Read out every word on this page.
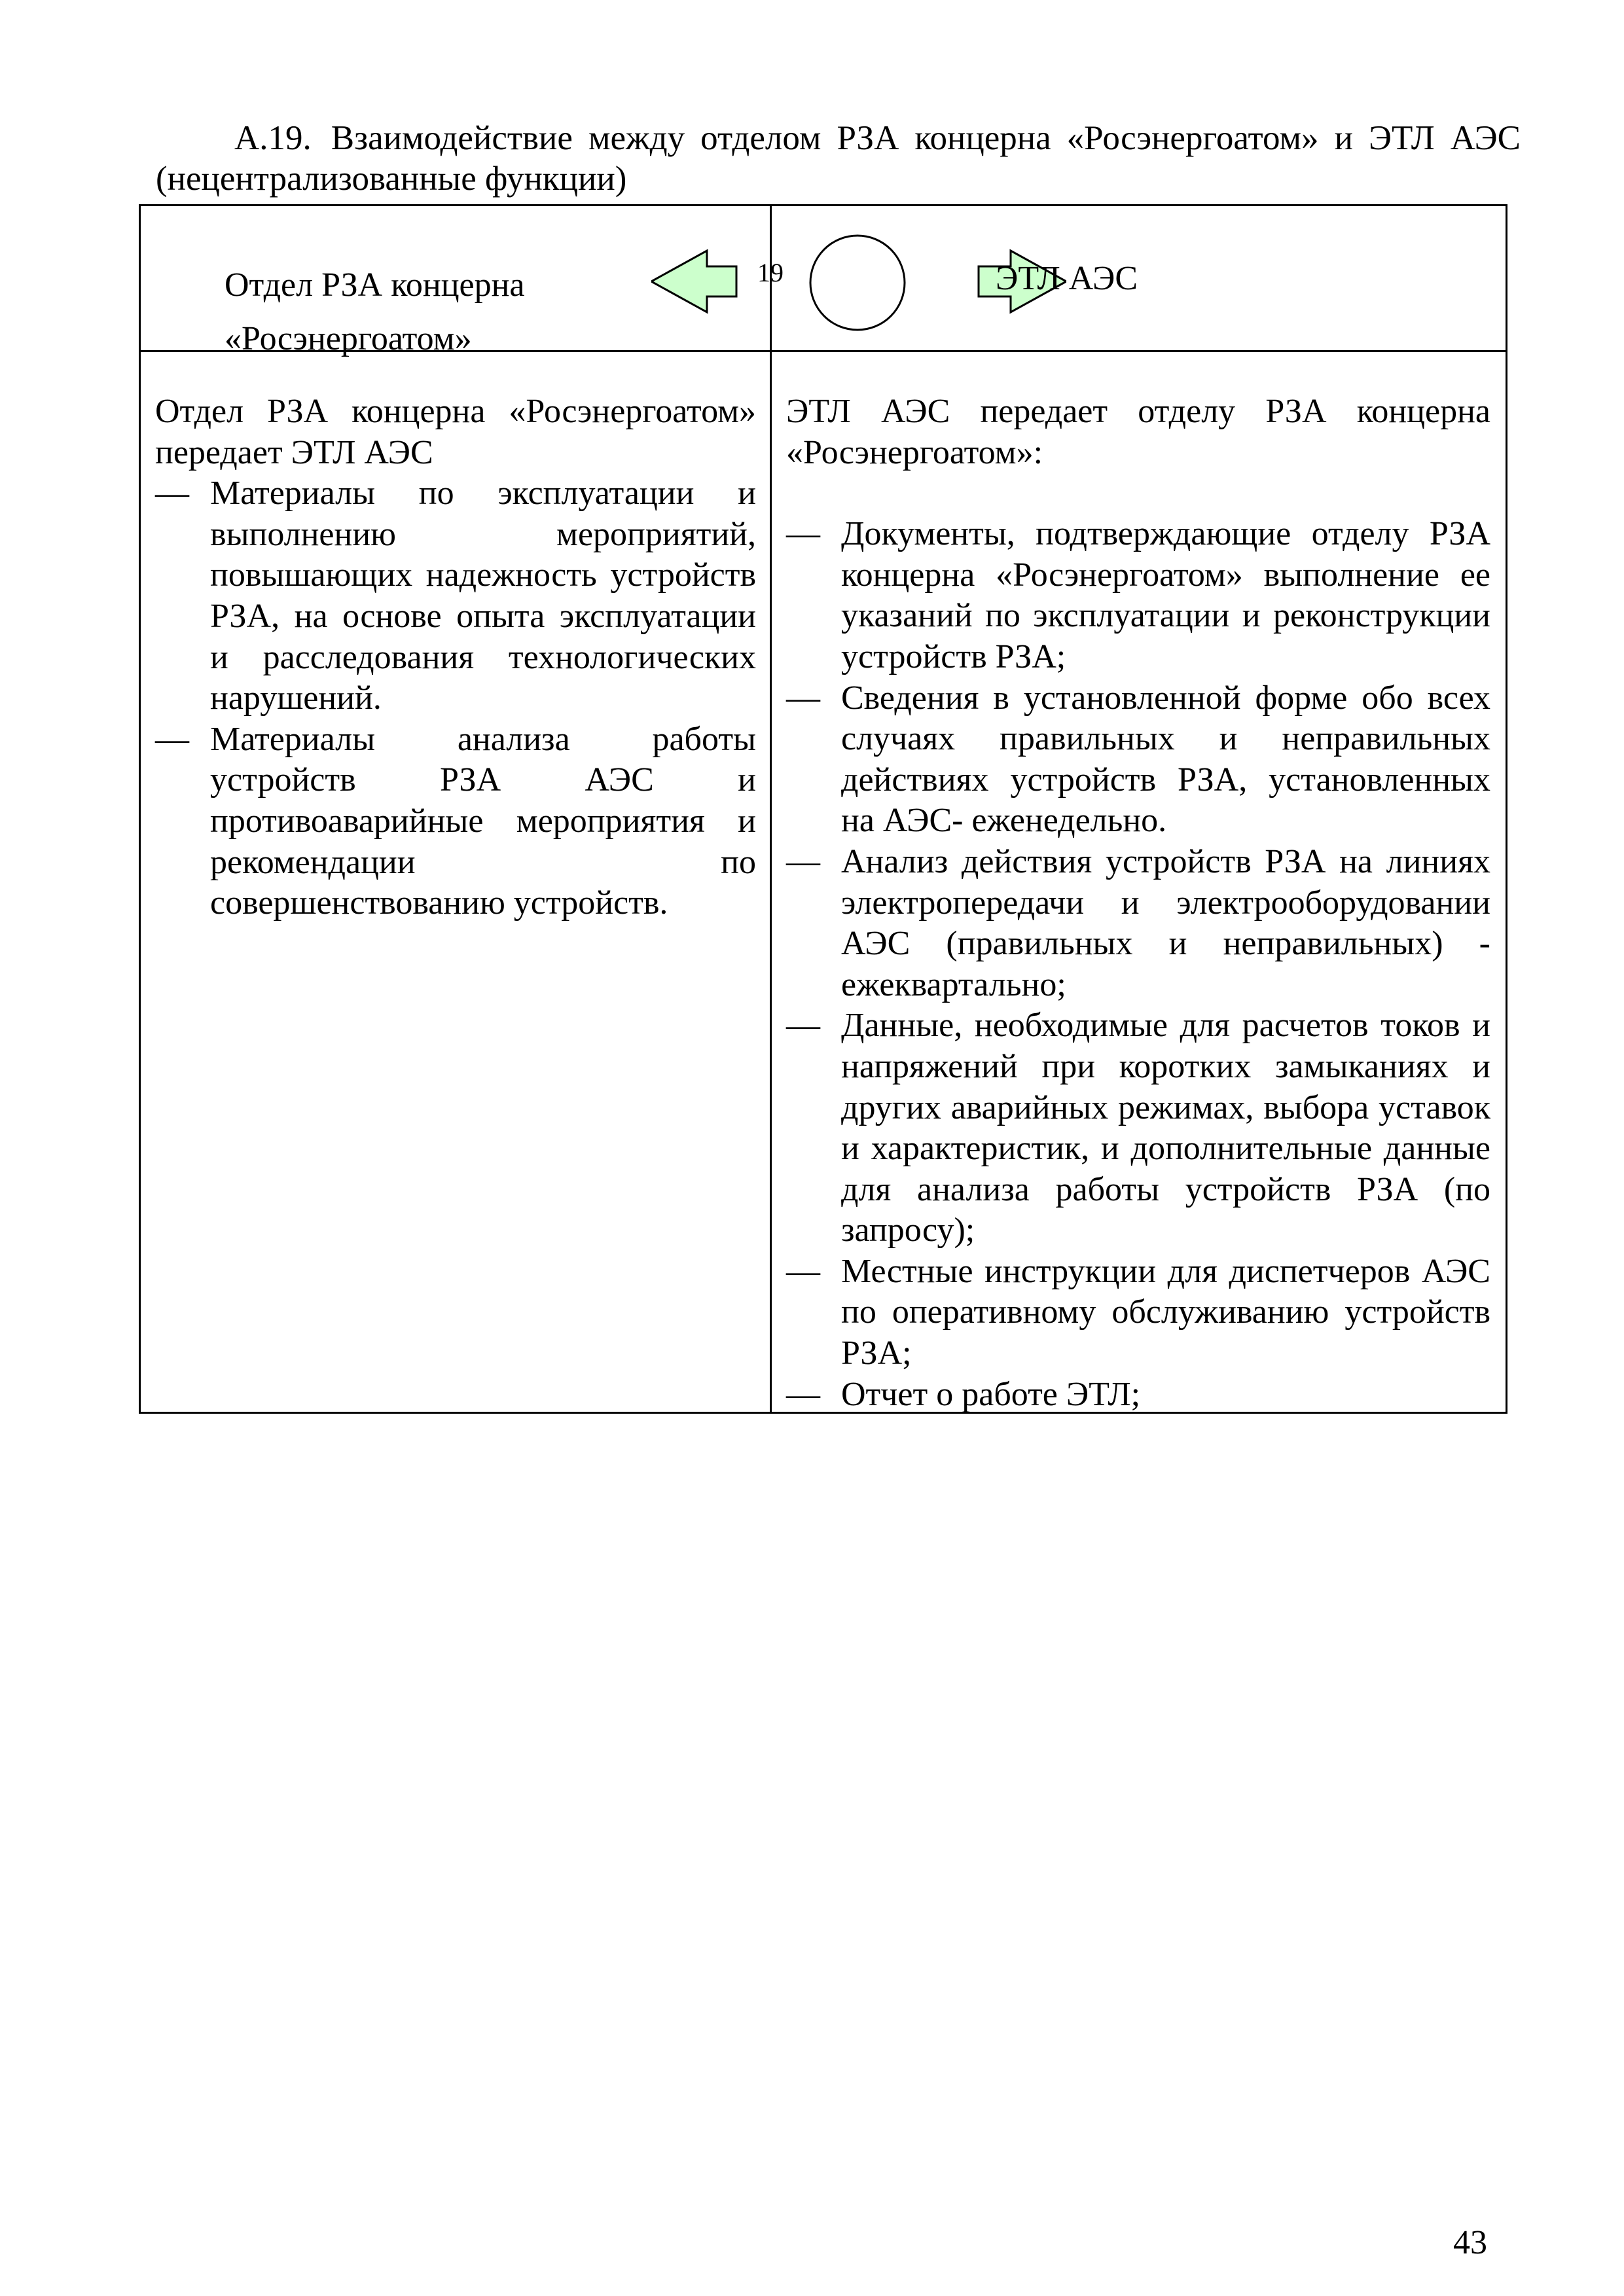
А.19. Взаимодействие между отделом РЗА концерна «Росэнергоатом» и ЭТЛ АЭС (нецентрализованные функции)
Отдел РЗА концерна
«Росэнергоатом»
19	ЭТЛ АЭС
Отдел РЗА концерна «Росэнергоатом» передает ЭТЛ АЭС
— Материалы по эксплуатации и выполнению мероприятий, повышающих надежность устройств РЗА, на основе опыта эксплуатации и расследования технологических нарушений.
— Материалы анализа работы устройств РЗА АЭС и противоаварийные мероприятия и рекомендации по совершенствованию устройств.
ЭТЛ АЭС передает отделу РЗА концерна «Росэнергоатом»:
— Документы, подтверждающие отделу РЗА концерна «Росэнергоатом» выполнение ее указаний по эксплуатации и реконструкции устройств РЗА;
— Сведения в установленной форме обо всех случаях правильных и неправильных действиях устройств РЗА, установленных на АЭС- еженедельно.
— Анализ действия устройств РЗА на линиях электропередачи и электрооборудовании АЭС (правильных и неправильных) - ежеквартально;
— Данные, необходимые для расчетов токов и напряжений при коротких замыканиях и других аварийных режимах, выбора уставок и характеристик, и дополнительные данные для анализа работы устройств РЗА (по запросу);
— Местные инструкции для диспетчеров АЭС по оперативному обслуживанию устройств РЗА;
— Отчет о работе ЭТЛ;
43
